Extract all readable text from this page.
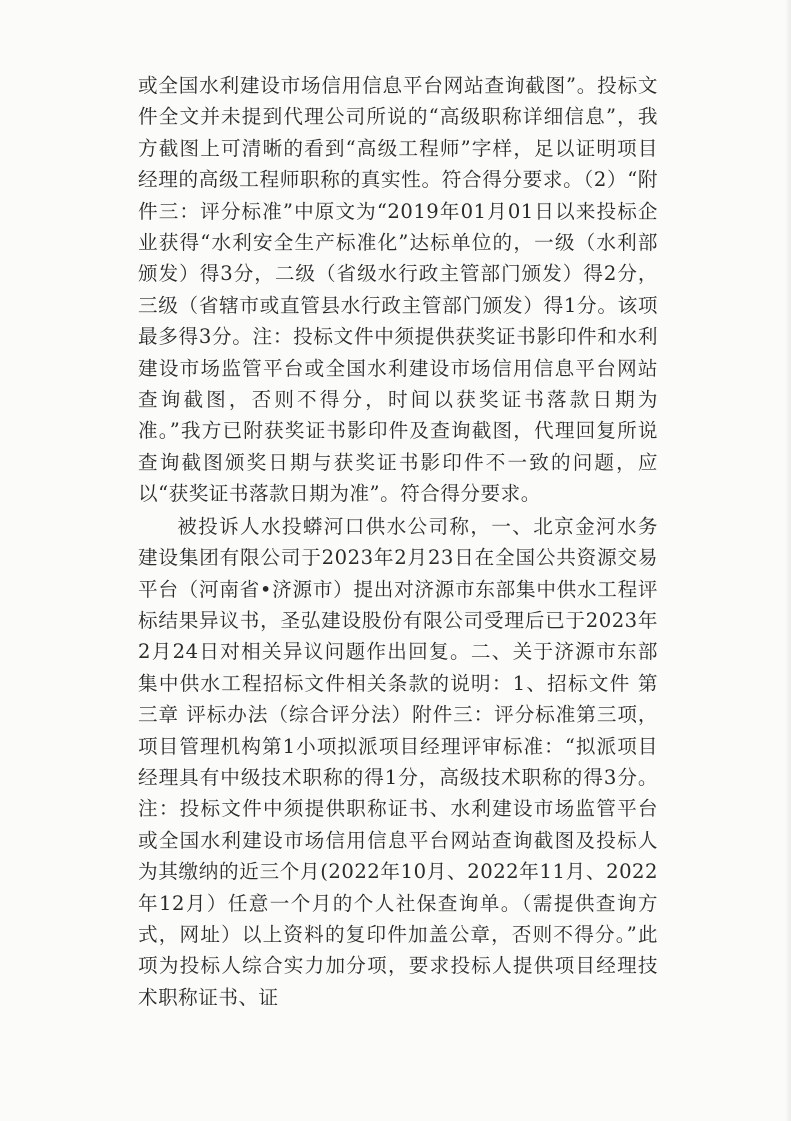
或全国水利建设市场信用信息平台网站查询截图”。投标文件全文并未提到代理公司所说的“高级职称详细信息”，我方截图上可清晰的看到“高级工程师”字样，足以证明项目经理的高级工程师职称的真实性。符合得分要求。（2）“附件三：评分标准”中原文为“2019年01月01日以来投标企业获得“水利安全生产标准化”达标单位的，一级（水利部颁发）得3分，二级（省级水行政主管部门颁发）得2分，三级（省辖市或直管县水行政主管部门颁发）得1分。该项最多得3分。注：投标文件中须提供获奖证书影印件和水利建设市场监管平台或全国水利建设市场信用信息平台网站查询截图，否则不得分，时间以获奖证书落款日期为准。”我方已附获奖证书影印件及查询截图，代理回复所说查询截图颁奖日期与获奖证书影印件不一致的问题，应以“获奖证书落款日期为准”。符合得分要求。

被投诉人水投蟒河口供水公司称，一、北京金河水务建设集团有限公司于2023年2月23日在全国公共资源交易平台（河南省•济源市）提出对济源市东部集中供水工程评标结果异议书，圣弘建设股份有限公司受理后已于2023年2月24日对相关异议问题作出回复。二、关于济源市东部集中供水工程招标文件相关条款的说明：1、招标文件 第三章 评标办法（综合评分法）附件三：评分标准第三项，项目管理机构第1小项拟派项目经理评审标准：“拟派项目经理具有中级技术职称的得1分，高级技术职称的得3分。注：投标文件中须提供职称证书、水利建设市场监管平台或全国水利建设市场信用信息平台网站查询截图及投标人为其缴纳的近三个月(2022年10月、2022年11月、2022年12月）任意一个月的个人社保查询单。（需提供查询方式，网址）以上资料的复印件加盖公章，否则不得分。”此项为投标人综合实力加分项，要求投标人提供项目经理技术职称证书、证
